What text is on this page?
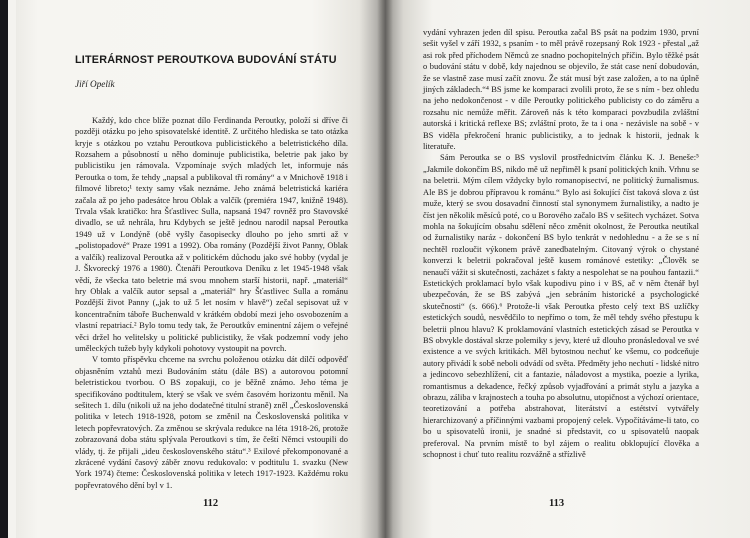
LITERÁRNOST PEROUTKOVA BUDOVÁNÍ STÁTU
Jiří Opelík

Každý, kdo chce blíže poznat dílo Ferdinanda Peroutky, položí si dříve či později otázku po jeho spisovatelské identitě. Z určitého hlediska se tato otázka kryje s otázkou po vztahu Peroutkova publicistického a beletristického díla. Rozsahem a působností u něho dominuje publicistika, beletrie pak jako by publicistiku jen rámovala. Vzpomínaje svých mladých let, informuje nás Peroutka o tom, že tehdy „napsal a publikoval tři romány“ a v Mnichově 1918 i filmové libreto;¹ texty samy však neznáme. Jeho známá beletristická kariéra začala až po jeho padesátce hrou Oblak a valčík (premiéra 1947, knižně 1948). Trvala však kratičko: hra Šťastlivec Sulla, napsaná 1947 rovněž pro Stavovské divadlo, se už nehrála, hru Kdybych se ještě jednou narodil napsal Peroutka 1949 už v Londýně (obě vyšly časopisecky dlouho po jeho smrti až v „polistopadové“ Praze 1991 a 1992). Oba romány (Pozdější život Panny, Oblak a valčík) realizoval Peroutka až v politickém důchodu jako své hobby (vydal je J. Škvorecký 1976 a 1980). Čtenáři Peroutkova Deníku z let 1945-1948 však vědí, že všecka tato beletrie má svou mnohem starší historii, např. „materiál“ hry Oblak a valčík autor sepsal a „materiál“ hry Šťastlivec Sulla a románu Pozdější život Panny („jak to už 5 let nosím v hlavě“) zečal sepisovat už v koncentračním táboře Buchenwald v krátkém období mezi jeho osvobozením a vlastní repatriací.² Bylo tomu tedy tak, že Peroutkův eminentní zájem o veřejné věci držel ho velitelsky u politické publicistiky, že však podzemní vody jeho uměleckých tužeb byly kdykoli pohotovy vystoupit na povrch.

V tomto příspěvku chceme na svrchu položenou otázku dát dílčí odpověď objasněním vztahů mezi Budováním státu (dále BS) a autorovou potomní beletristickou tvorbou. O BS zopakuji, co je běžně známo. Jeho téma je specifikováno podtitulem, který se však ve svém časovém horizontu měnil. Na sešitech 1. dílu (nikoli už na jeho dodatečné titulní straně) zněl „Československá politika v letech 1918-1928, potom se změnil na Československá politika v letech popřevratových. Za změnou se skrývala redukce na léta 1918-26, protože zobrazovaná doba státu splývala Peroutkovi s tím, že čeští Němci vstoupili do vlády, tj. že přijali „ideu československého státu“.³ Exilové překomponované a zkrácené vydání časový záběr znovu redukovalo: v podtitulu 1. svazku (New York 1974) čteme: Československá politika v letech 1917-1923. Každému roku popřevratového dění byl v 1.

vydání vyhrazen jeden díl spisu. Peroutka začal BS psát na podzim 1930, první sešit vyšel v září 1932, s psaním - to měl právě rozepsaný Rok 1923 - přestal „až asi rok před příchodem Němců ze snadno pochopitelných příčin. Bylo těžké psát o budování státu v době, kdy najednou se objevilo, že stát case není dobudován, že se vlastně zase musí začít znovu. Že stát musí být zase založen, a to na úplně jiných základech.“⁴ BS jsme ke komparaci zvolili proto, že se s ním - bez ohledu na jeho nedokončenost - v díle Peroutky politického publicisty co do záměru a rozsahu nic nemůže měřit. Zároveň nás k této komparaci povzbudila zvláštní autorská i kritická reflexe BS; zvláštní proto, že ta i ona - nezávisle na sobě - v BS viděla překročení hranic publicistiky, a to jednak k historii, jednak k literatuře.

Sám Peroutka se o BS vyslovil prostřednictvím článku K. J. Beneše:⁵ „Jakmile dokončím BS, nikdo mě už nepřiměl k psaní politických knih. Vrhnu se na beletrii. Mým cílem vždycky bylo romanopisectví, ne politický žurnalismus. Ale BS je dobrou přípravou k románu.“ Bylo asi šokující číst taková slova z úst muže, který se svou dosavadní činností stal synonymem žurnalistiky, a nadto je číst jen několik měsíců poté, co u Borového začalo BS v sešitech vycházet. Sotva mohla na šokujícím obsahu sdělení něco změnit okolnost, že Peroutka neutíkal od žurnalistiky naráz - dokončení BS bylo tenkrát v nedohlednu - a že se s ní nechtěl rozloučit výkonem právě zanedbatelným. Citovaný výrok o chystané konverzi k beletrii pokračoval ještě kusem románové estetiky: „Člověk se nenaučí vážit si skutečnosti, zacházet s fakty a nespolehat se na pouhou fantazii.“ Estetických proklamací bylo však kupodivu pino i v BS, ač v nĕm čtenář byl ubezpečován, že se BS zabývá „jen sebráním historické a psychologické skutečnosti“ (s. 666).⁶ Protože-li však Peroutka přesto celý text BS uzlíčky estetických soudů, nesvědčilo to nepřímo o tom, že měl tehdy svého přestupu k beletrii plnou hlavu? K proklamování vlastních estetických zásad se Peroutka v BS obvykle dostával skrze polemiky s jevy, které už dlouho pronásledoval ve své existence a ve svých kritikách. Měl bytostnou nechuť ke všemu, co podceňuje autory přivádí k sobě neboli odvádí od světa. Předměty jeho nechutí - lidské nitro a jedincovo sebezhlížení, cit a fantazie, náladovost a mystika, poezie a lyrika, romantismus a dekadence, řečký způsob vyjadřování a primát stylu a jazyka a obrazu, záliba v krajnostech a touha po absolutnu, utopičnost a výchozí orientace, teoretizování a potřeba abstrahovat, literátství a estétství vytvářely hierarchizovaný a příčinnými vazbami propojený celek. Vypočítáváme-li tato, co bo u spisovatelů ironii, je snadné si představit, co u spisovatelů naopak preferoval. Na prvním místě to byl zájem o realitu obklopující člověka a schopnost i chuť tuto realitu rozvážně a střízlivě

112	113
